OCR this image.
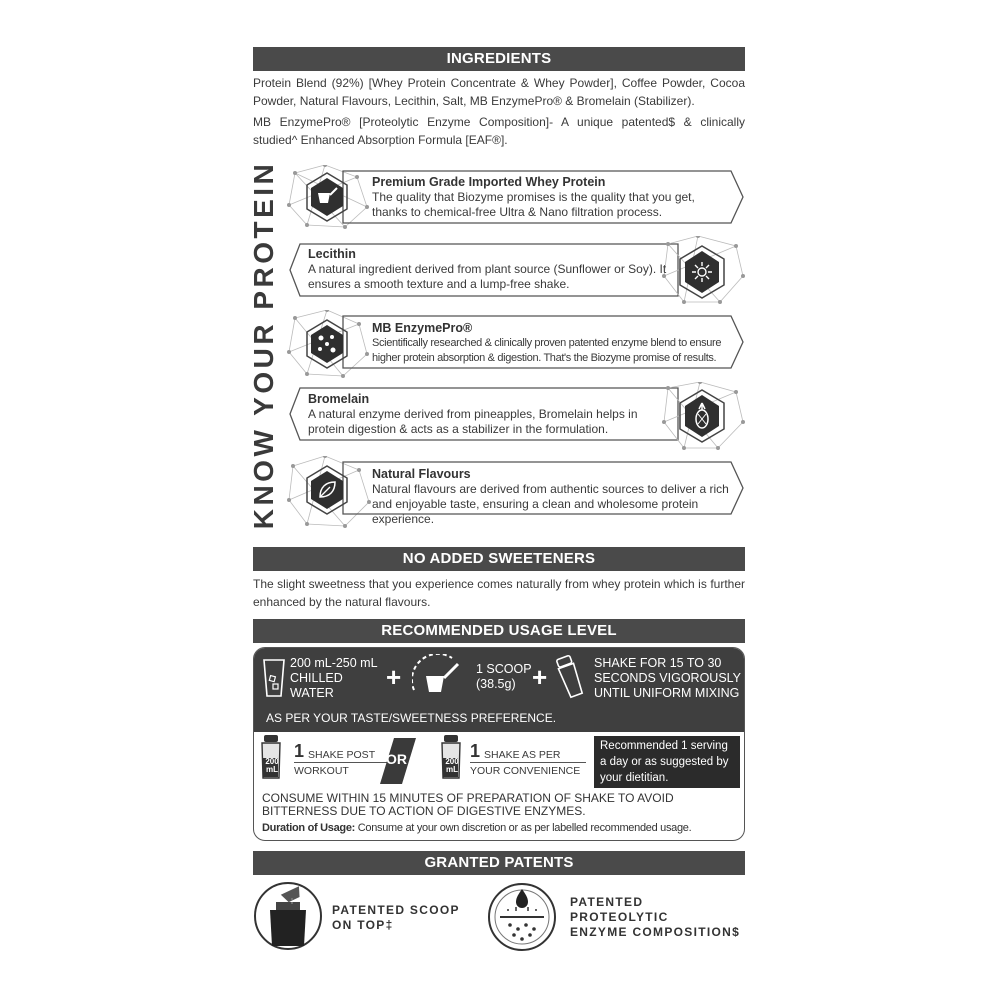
INGREDIENTS
Protein Blend (92%) [Whey Protein Concentrate & Whey Powder], Coffee Powder, Cocoa Powder, Natural Flavours, Lecithin, Salt, MB EnzymePro® & Bromelain (Stabilizer).
MB EnzymePro® [Proteolytic Enzyme Composition]- A unique patented$ & clinically studied^ Enhanced Absorption Formula [EAF®].
KNOW YOUR PROTEIN	Premium Grade Imported Whey Protein
The quality that Biozyme promises is the quality that you get, thanks to chemical-free Ultra & Nano filtration process.
Lecithin
A natural ingredient derived from plant source (Sunflower or Soy). It ensures a smooth texture and a lump-free shake.
MB EnzymePro®
Scientifically researched & clinically proven patented enzyme blend to ensure higher protein absorption & digestion. That's the Biozyme promise of results.
Bromelain
A natural enzyme derived from pineapples, Bromelain helps in protein digestion & acts as a stabilizer in the formulation.
Natural Flavours
Natural flavours are derived from authentic sources to deliver a rich and enjoyable taste, ensuring a clean and wholesome protein experience.
NO ADDED SWEETENERS
The slight sweetness that you experience comes naturally from whey protein which is further enhanced by the natural flavours.
RECOMMENDED USAGE LEVEL
200 mL-250 mL
CHILLED
WATER
+	1 SCOOP
(38.5g) +	SHAKE FOR 15 TO 30
SECONDS VIGOROUSLY
UNTIL UNIFORM MIXING
AS PER YOUR TASTE/SWEETNESS PREFERENCE.
200 mL
1 SHAKE POST
WORKOUT
OR	200 mL
1 SHAKE AS PER
YOUR CONVENIENCE
Recommended 1 serving
a day or as suggested by
your dietitian.
CONSUME WITHIN 15 MINUTES OF PREPARATION OF SHAKE TO AVOID
BITTERNESS DUE TO ACTION OF DIGESTIVE ENZYMES.
Duration of Usage: Consume at your own discretion or as per labelled recommended usage.
GRANTED PATENTS
PATENTED SCOOP
ON TOP‡
PATENTED
PROTEOLYTIC
ENZYME COMPOSITION$
